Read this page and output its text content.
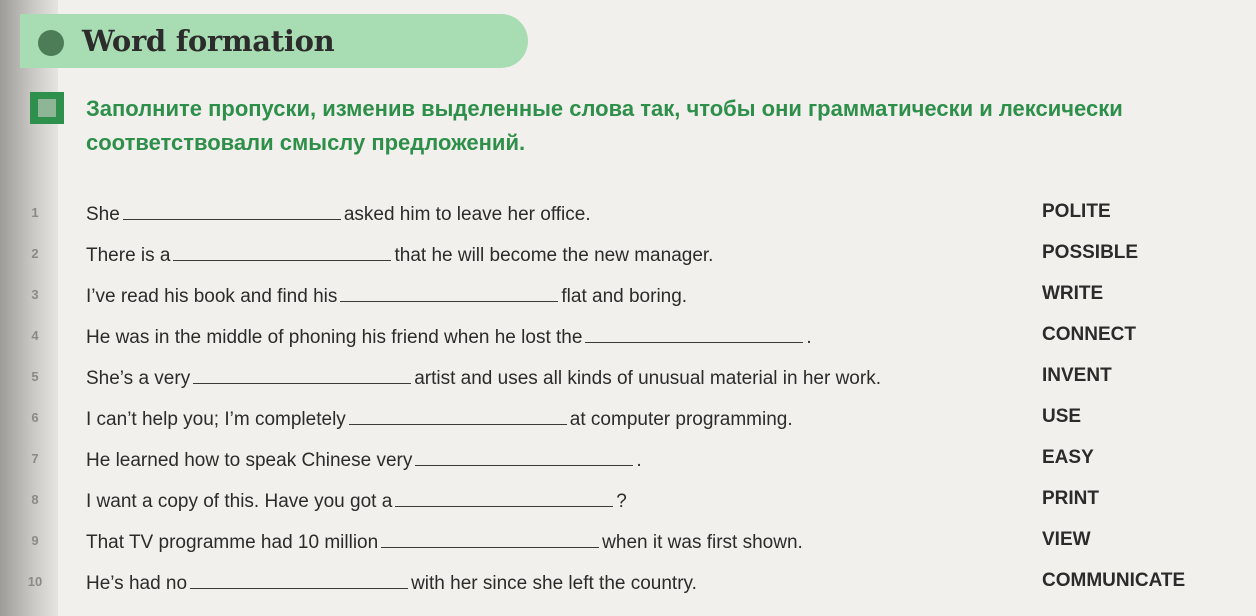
Word formation
Заполните пропуски, изменив выделенные слова так, чтобы они грамматически и лексически соответствовали смыслу предложений.
1	She	asked him to leave her office.	POLITE
2	There is a	that he will become the new manager.	POSSIBLE
3	I’ve read his book and find his	flat and boring.	WRITE
4	He was in the middle of phoning his friend when he lost the	.	CONNECT
5	She’s a very	artist and uses all kinds of unusual material in her work.	INVENT
6	I can’t help you; I’m completely	at computer programming.	USE
7	He learned how to speak Chinese very	.	EASY
8	I want a copy of this. Have you got a	?	PRINT
9	That TV programme had 10 million	when it was first shown.	VIEW
10	He’s had no	with her since she left the country.	COMMUNICATE
